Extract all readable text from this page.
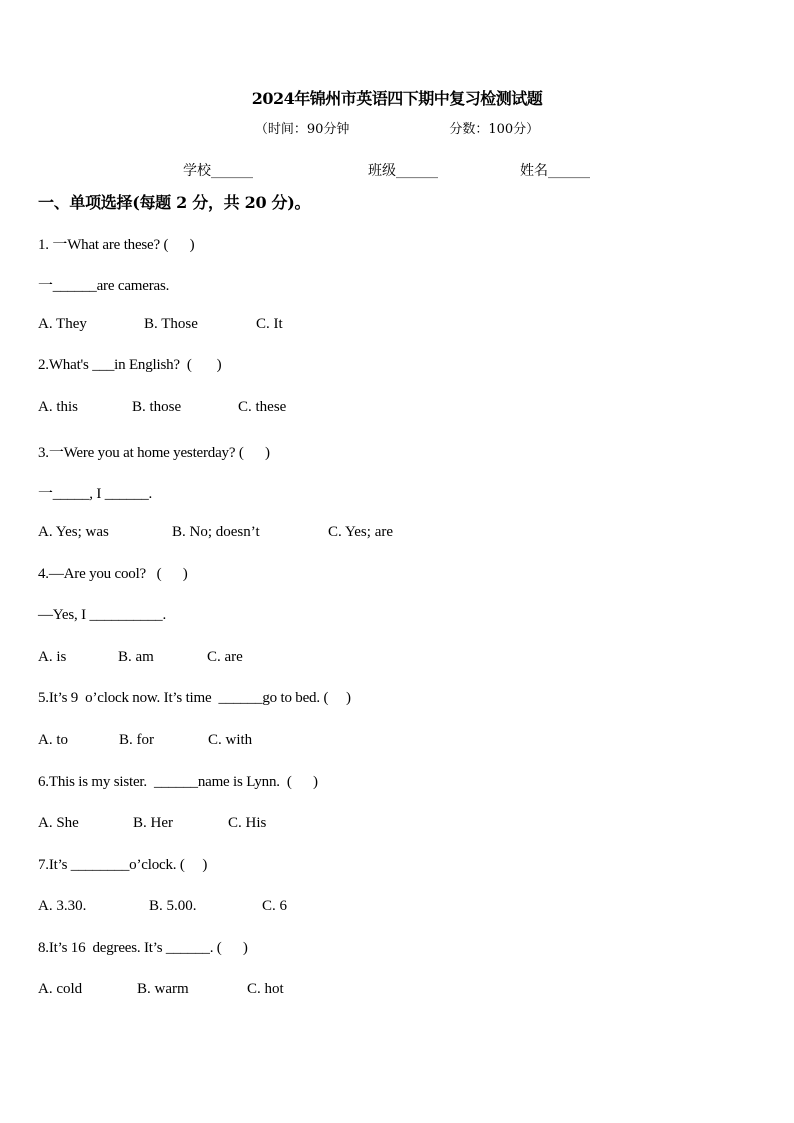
2024年锦州市英语四下期中复习检测试题
（时间：90分钟	分数：100分）
学校______	班级______	姓名______
一、单项选择(每题 2 分，共 20 分)。
1. 一What are these? (      )
一______are cameras.

A. They

	B. Those

	C. It

2.What's ___in English?  (       )

A. this

	B. those

	C. these

3.一Were you at home yesterday? (      )
一_____, I ______.

A. Yes; was

	B. No; doesn’t

	C. Yes; are

4.—Are you cool?   (      )
—Yes, I __________.

A. is

	B. am

	C. are

5.It’s 9  o’clock now. It’s time  ______go to bed. (     )

A. to

	B. for

	C. with

6.This is my sister.  ______name is Lynn.  (      )

A. She

	B. Her

	C. His

7.It’s ________o’clock. (     )

A. 3.30.

	B. 5.00.

	C. 6

8.It’s 16  degrees. It’s ______. (      )

A. cold

	B. warm

	C. hot
